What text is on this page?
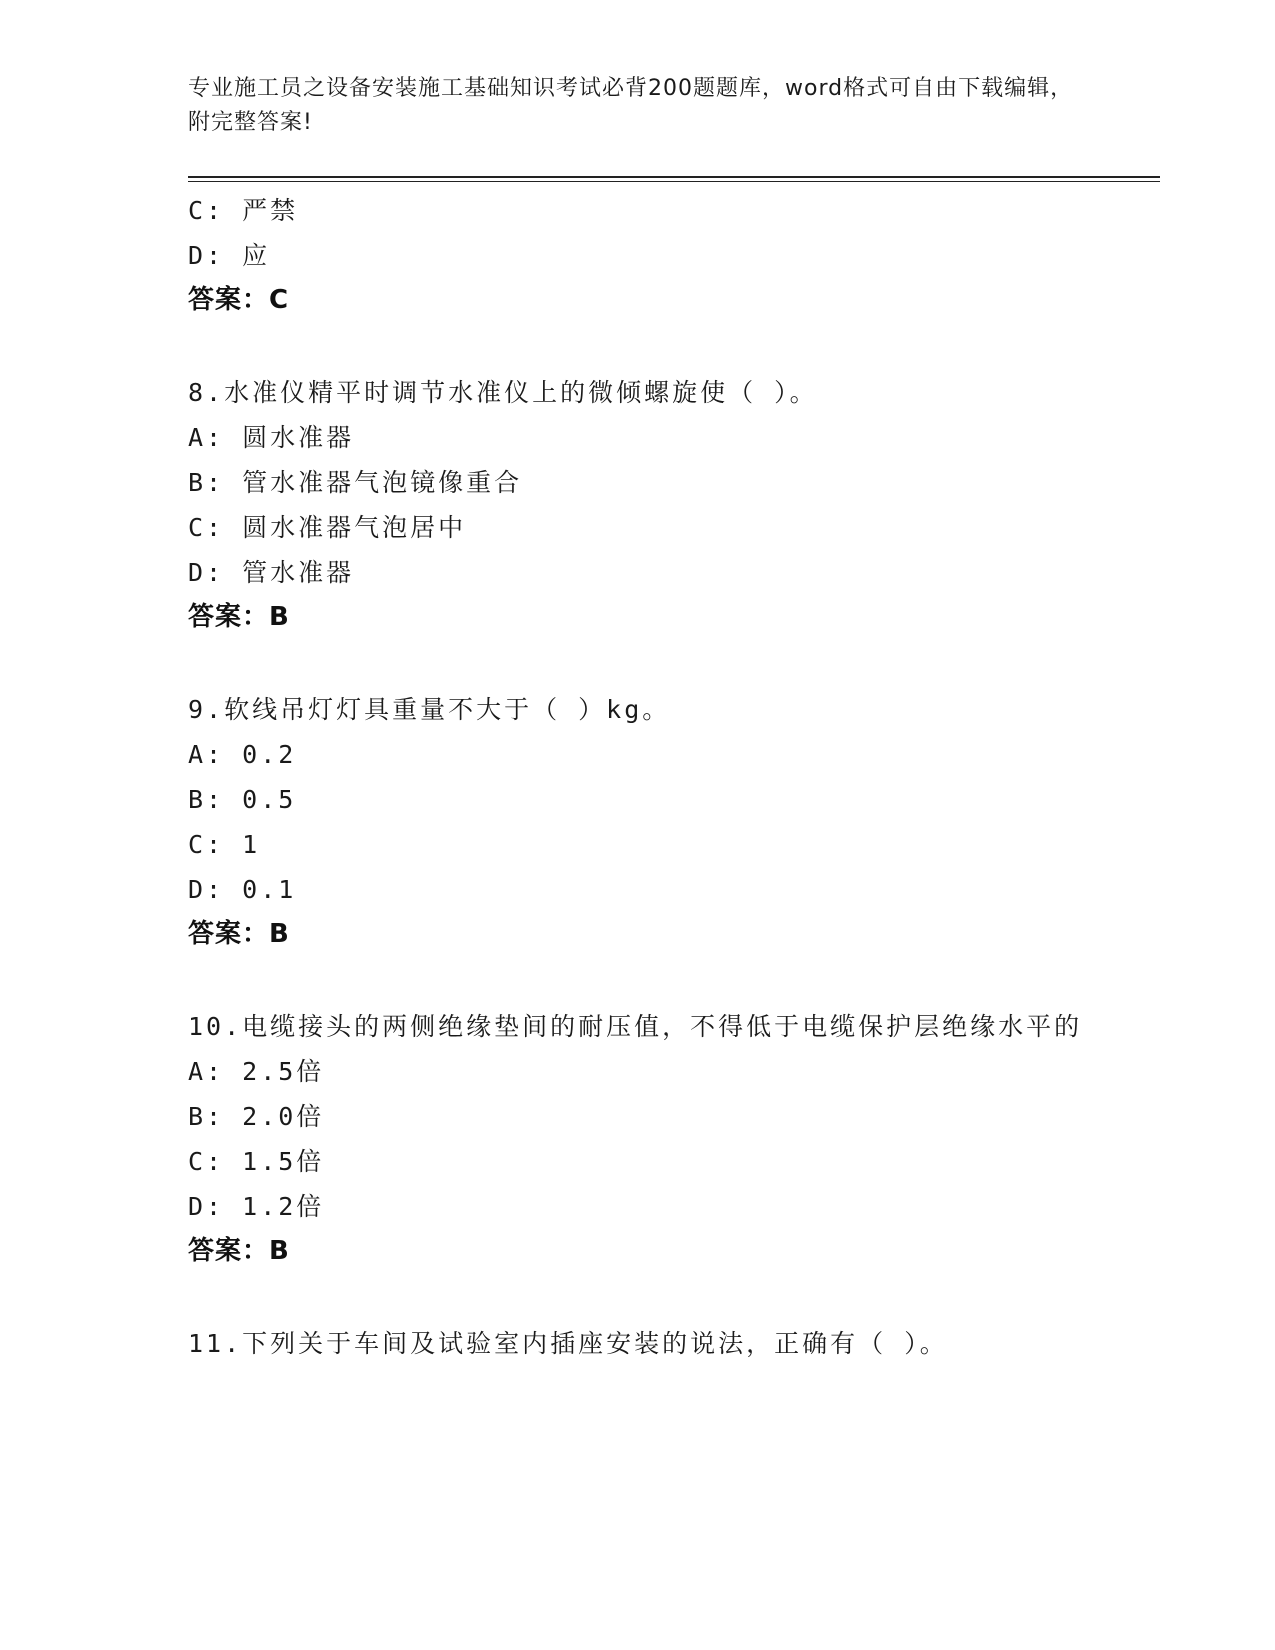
专业施工员之设备安装施工基础知识考试必背200题题库，word格式可自由下载编辑，附完整答案!
C: 严禁
D: 应
答案：C
8.水准仪精平时调节水准仪上的微倾螺旋使（ ）。
A: 圆水准器
B: 管水准器气泡镜像重合
C: 圆水准器气泡居中
D: 管水准器
答案：B
9.软线吊灯灯具重量不大于（ ）kg。
A: 0.2
B: 0.5
C: 1
D: 0.1
答案：B
10.电缆接头的两侧绝缘垫间的耐压值，不得低于电缆保护层绝缘水平的
A: 2.5倍
B: 2.0倍
C: 1.5倍
D: 1.2倍
答案：B
11.下列关于车间及试验室内插座安装的说法，正确有（ ）。
